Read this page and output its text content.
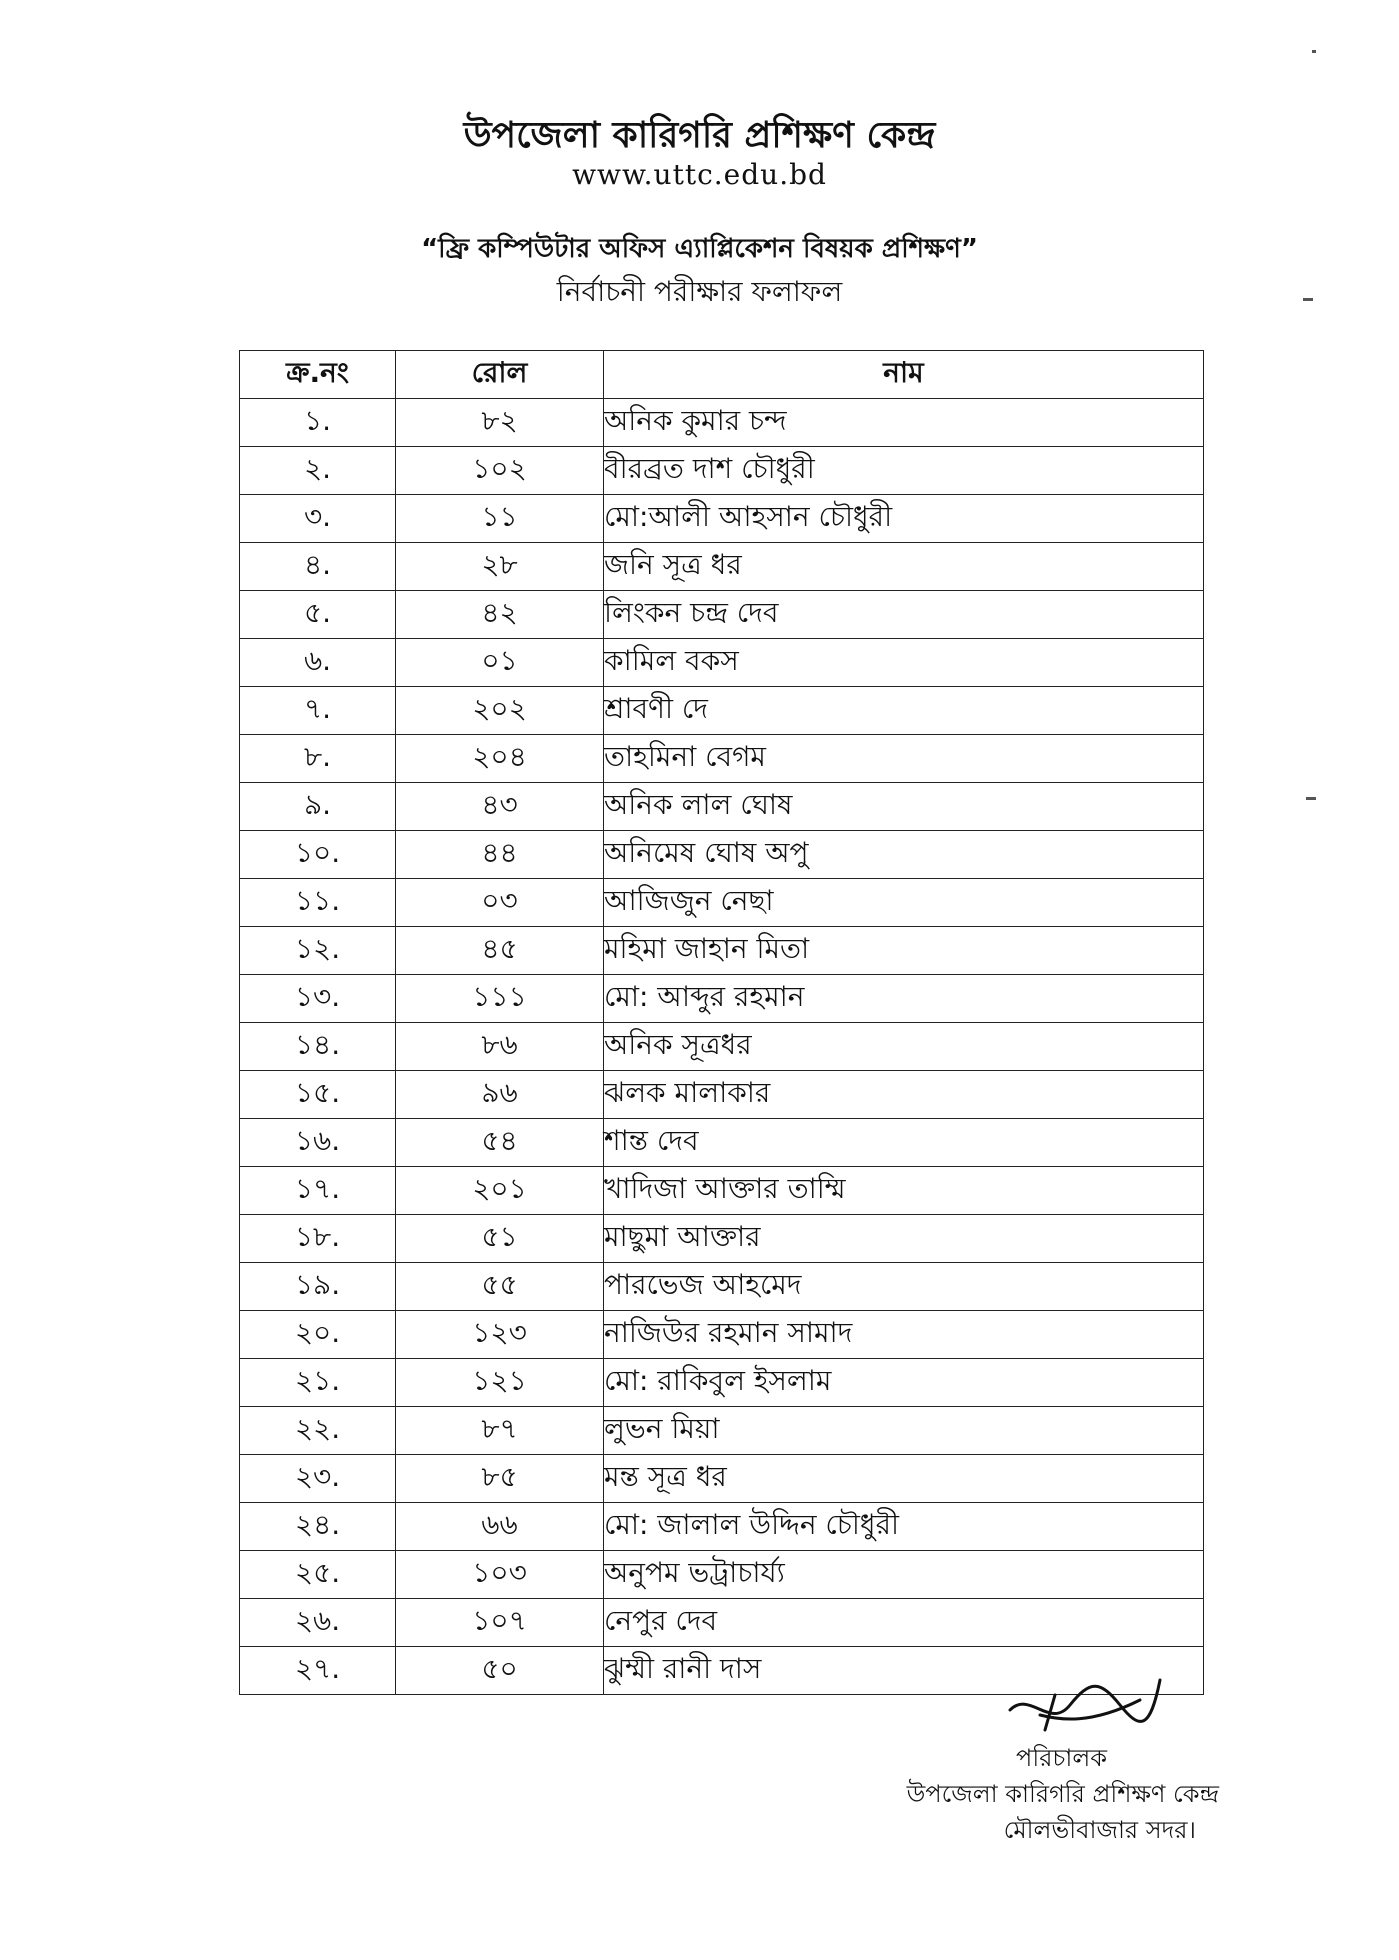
উপজেলা কারিগরি প্রশিক্ষণ কেন্দ্র
www.uttc.edu.bd
“ফ্রি কম্পিউটার অফিস এ্যাপ্লিকেশন বিষয়ক প্রশিক্ষণ”
নির্বাচনী পরীক্ষার ফলাফল
ক্র.নং	রোল	নাম
১.	৮২	অনিক কুমার চন্দ
২.	১০২	বীরব্রত দাশ চৌধুরী
৩.	১১	মো:আলী আহসান চৌধুরী
৪.	২৮	জনি সূত্র ধর
৫.	৪২	লিংকন চন্দ্র দেব
৬.	০১	কামিল বকস
৭.	২০২	শ্রাবণী দে
৮.	২০৪	তাহমিনা বেগম
৯.	৪৩	অনিক লাল ঘোষ
১০.	৪৪	অনিমেষ ঘোষ অপু
১১.	০৩	আজিজুন নেছা
১২.	৪৫	মহিমা জাহান মিতা
১৩.	১১১	মো: আব্দুর রহমান
১৪.	৮৬	অনিক সূত্রধর
১৫.	৯৬	ঝলক মালাকার
১৬.	৫৪	শান্ত দেব
১৭.	২০১	খাদিজা আক্তার তাম্মি
১৮.	৫১	মাছুমা আক্তার
১৯.	৫৫	পারভেজ আহমেদ
২০.	১২৩	নাজিউর রহমান সামাদ
২১.	১২১	মো: রাকিবুল ইসলাম
২২.	৮৭	লুভন মিয়া
২৩.	৮৫	মন্ত সূত্র ধর
২৪.	৬৬	মো: জালাল উদ্দিন চৌধুরী
২৫.	১০৩	অনুপম ভট্রাচার্য্য
২৬.	১০৭	নেপুর দেব
২৭.	৫০	ঝুম্মী রানী দাস
পরিচালক
উপজেলা কারিগরি প্রশিক্ষণ কেন্দ্র
মৌলভীবাজার সদর।
